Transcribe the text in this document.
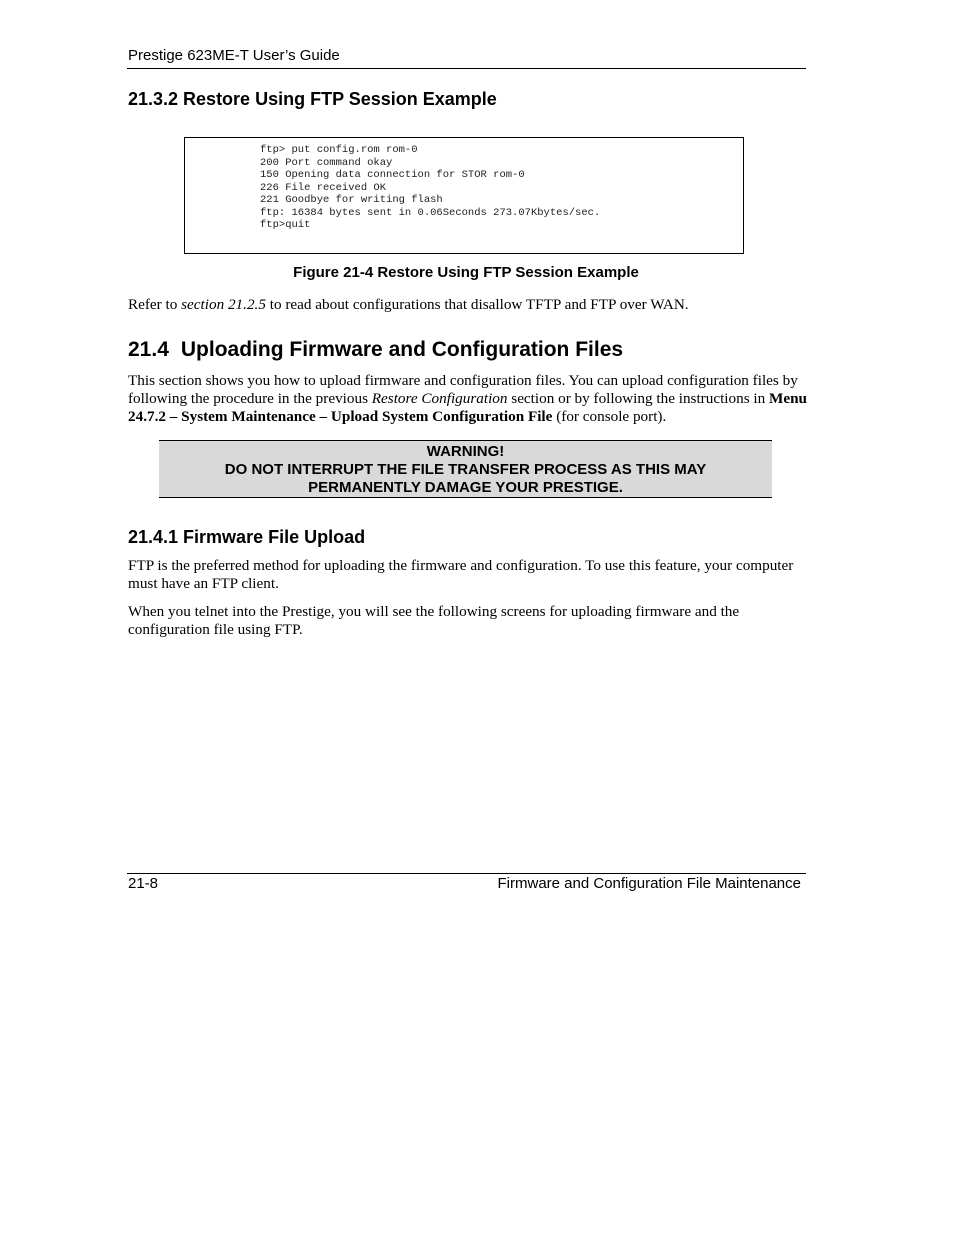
Prestige 623ME-T User’s Guide
21.3.2 Restore Using FTP Session Example
ftp> put config.rom rom-0
200 Port command okay
150 Opening data connection for STOR rom-0
226 File received OK
221 Goodbye for writing flash
ftp: 16384 bytes sent in 0.06Seconds 273.07Kbytes/sec.
ftp>quit
Figure 21-4 Restore Using FTP Session Example
Refer to section 21.2.5 to read about configurations that disallow TFTP and FTP over WAN.
21.4 Uploading Firmware and Configuration Files
This section shows you how to upload firmware and configuration files. You can upload configuration files by following the procedure in the previous Restore Configuration section or by following the instructions in Menu 24.7.2 – System Maintenance – Upload System Configuration File (for console port).
WARNING!
DO NOT INTERRUPT THE FILE TRANSFER PROCESS AS THIS MAY
PERMANENTLY DAMAGE YOUR PRESTIGE.
21.4.1 Firmware File Upload
FTP is the preferred method for uploading the firmware and configuration. To use this feature, your computer must have an FTP client.
When you telnet into the Prestige, you will see the following screens for uploading firmware and the configuration file using FTP.
21-8	Firmware and Configuration File Maintenance
